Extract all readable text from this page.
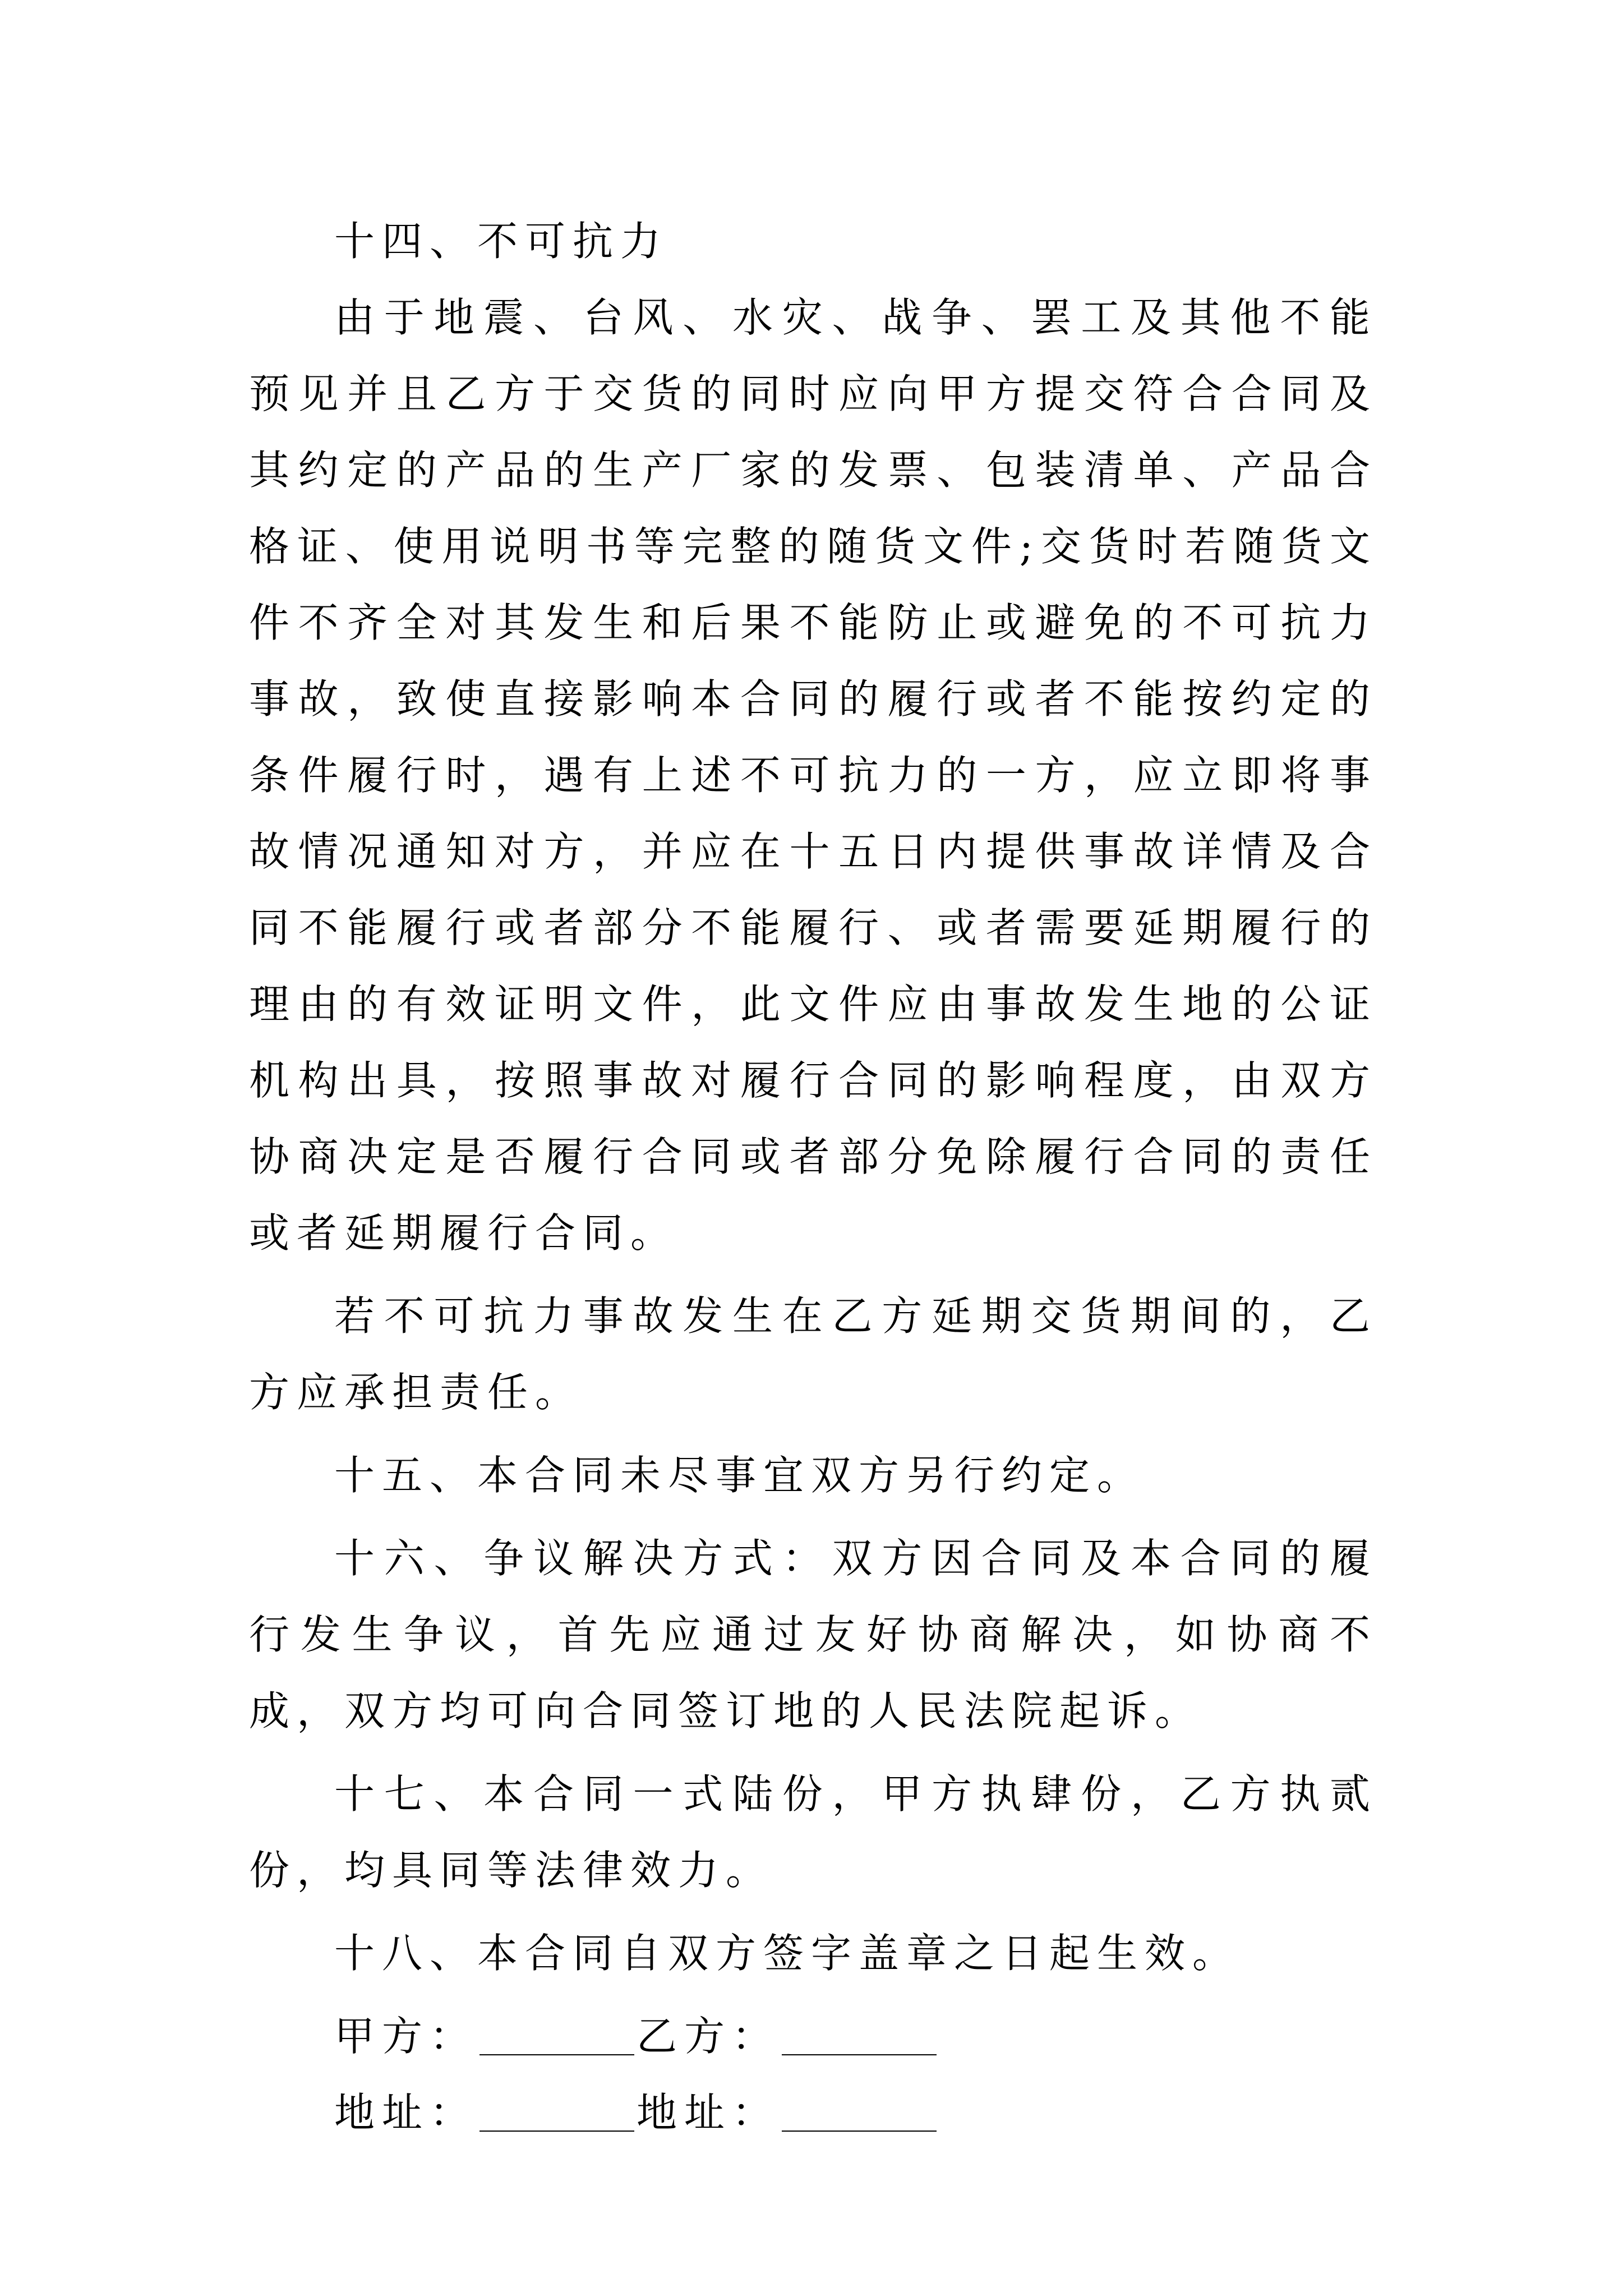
十四、不可抗力

由于地震、台风、水灾、战争、罢工及其他不能预见并且乙方于交货的同时应向甲方提交符合合同及其约定的产品的生产厂家的发票、包装清单、产品合格证、使用说明书等完整的随货文件;交货时若随货文件不齐全对其发生和后果不能防止或避免的不可抗力事故，致使直接影响本合同的履行或者不能按约定的条件履行时，遇有上述不可抗力的一方，应立即将事故情况通知对方，并应在十五日内提供事故详情及合同不能履行或者部分不能履行、或者需要延期履行的理由的有效证明文件，此文件应由事故发生地的公证机构出具，按照事故对履行合同的影响程度，由双方协商决定是否履行合同或者部分免除履行合同的责任或者延期履行合同。

若不可抗力事故发生在乙方延期交货期间的，乙方应承担责任。

十五、本合同未尽事宜双方另行约定。

十六、争议解决方式：双方因合同及本合同的履行发生争议，首先应通过友好协商解决，如协商不成，双方均可向合同签订地的人民法院起诉。

十七、本合同一式陆份，甲方执肆份，乙方执贰份，均具同等法律效力。

十八、本合同自双方签字盖章之日起生效。

甲方：	乙方：
地址：	地址：
